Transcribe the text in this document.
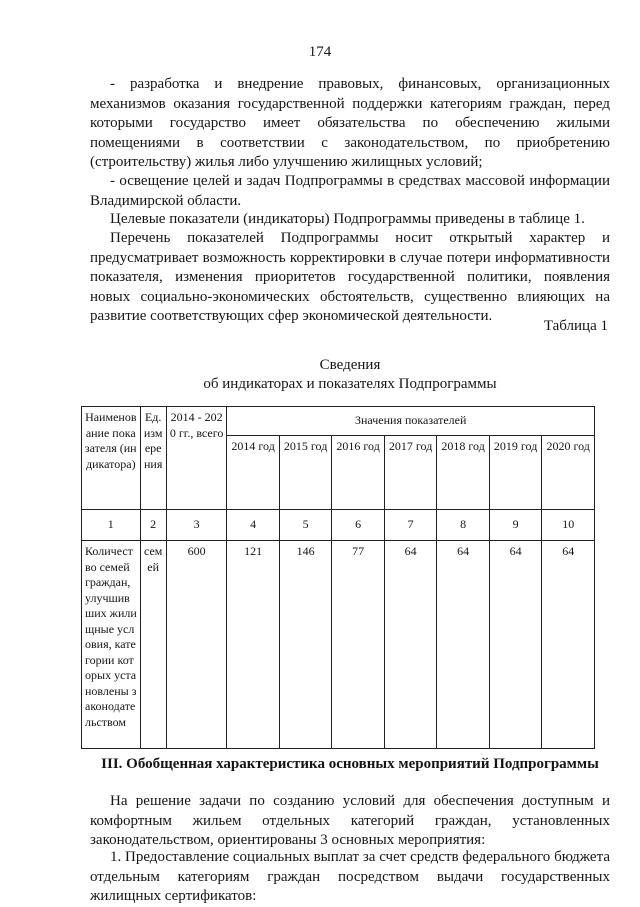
174
- разработка и внедрение правовых, финансовых, организационных механизмов оказания государственной поддержки категориям граждан, перед которыми государство имеет обязательства по обеспечению жилыми помещениями в соответствии с законодательством, по приобретению (строительству) жилья либо улучшению жилищных условий;
- освещение целей и задач Подпрограммы в средствах массовой информации Владимирской области.
Целевые показатели (индикаторы) Подпрограммы приведены в таблице 1.
Перечень показателей Подпрограммы носит открытый характер и предусматривает возможность корректировки в случае потери информативности показателя, изменения приоритетов государственной политики, появления новых социально-экономических обстоятельств, существенно влияющих на развитие соответствующих сфер экономической деятельности.
Таблица 1
Сведения
об индикаторах и показателях Подпрограммы
Наименование показателя (индикатора)	Ед. измерения	2014 - 2020 гг., всего	Значения показателей						
			2014 год	2015 год	2016 год	2017 год	2018 год	2019 год	2020 год
1	2	3	4	5	6	7	8	9	10
Количество семей граждан, улучшивших жилищные условия, категории которых установлены законодательством	семей	600	121	146	77	64	64	64	64
III. Обобщенная характеристика основных мероприятий Подпрограммы
На решение задачи по созданию условий для обеспечения доступным и комфортным жильем отдельных категорий граждан, установленных законодательством, ориентированы 3 основных мероприятия:
1. Предоставление социальных выплат за счет средств федерального бюджета отдельным категориям граждан посредством выдачи государственных жилищных сертификатов:
